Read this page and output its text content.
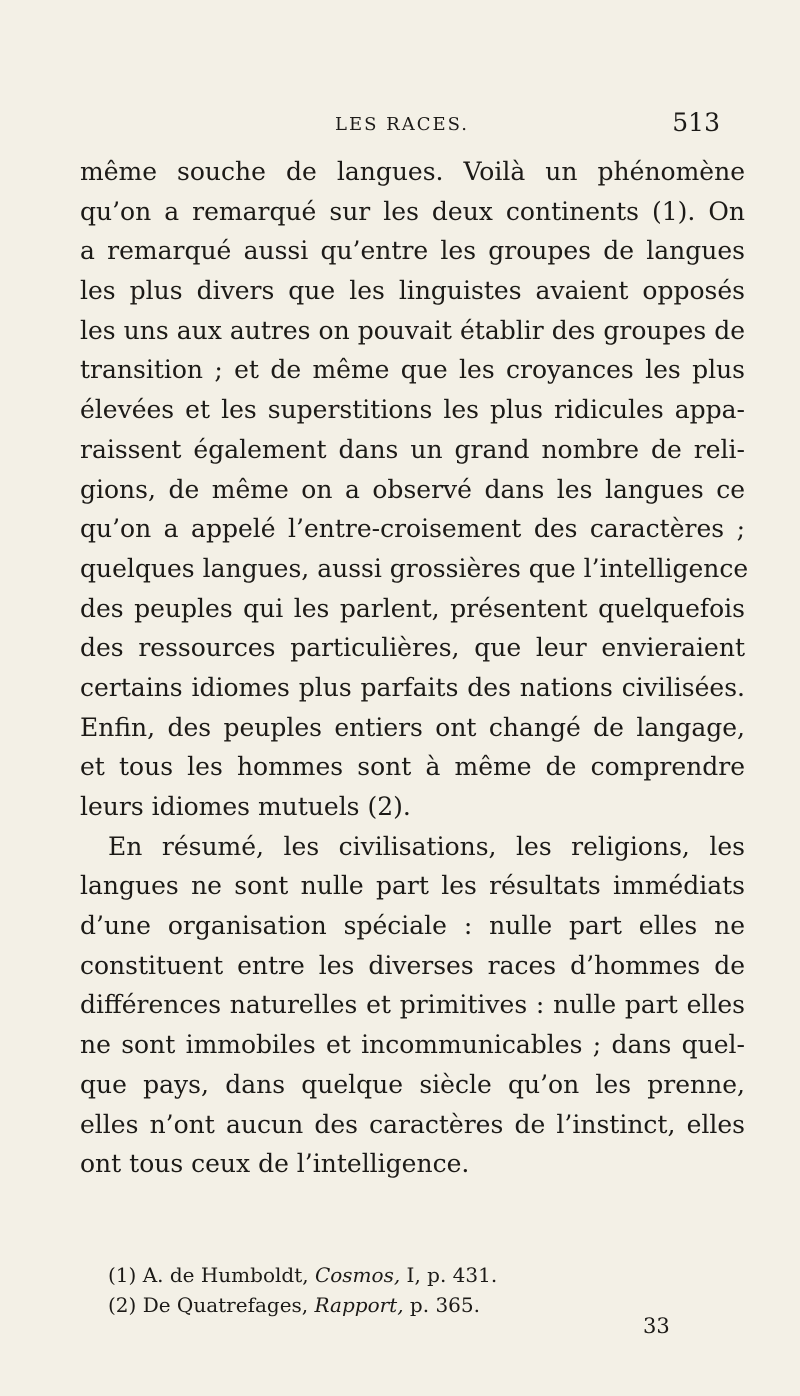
LES RACES.	513
même souche de langues. Voilà un phénomène
qu’on a remarqué sur les deux continents (1). On
a remarqué aussi qu’entre les groupes de langues
les plus divers que les linguistes avaient opposés
les uns aux autres on pouvait établir des groupes de
transition ; et de même que les croyances les plus
élevées et les superstitions les plus ridicules appa-
raissent également dans un grand nombre de reli-
gions, de même on a observé dans les langues ce
qu’on a appelé l’entre-croisement des caractères ;
quelques langues, aussi grossières que l’intelligence
des peuples qui les parlent, présentent quelquefois
des ressources particulières, que leur envieraient
certains idiomes plus parfaits des nations civilisées.
Enfin, des peuples entiers ont changé de langage,
et tous les hommes sont à même de comprendre
leurs idiomes mutuels (2).
En résumé, les civilisations, les religions, les
langues ne sont nulle part les résultats immédiats
d’une organisation spéciale : nulle part elles ne
constituent entre les diverses races d’hommes de
différences naturelles et primitives : nulle part elles
ne sont immobiles et incommunicables ; dans quel-
que pays, dans quelque siècle qu’on les prenne,
elles n’ont aucun des caractères de l’instinct, elles
ont tous ceux de l’intelligence.
(1) A. de Humboldt, Cosmos, I, p. 431.
(2) De Quatrefages, Rapport, p. 365.
33
